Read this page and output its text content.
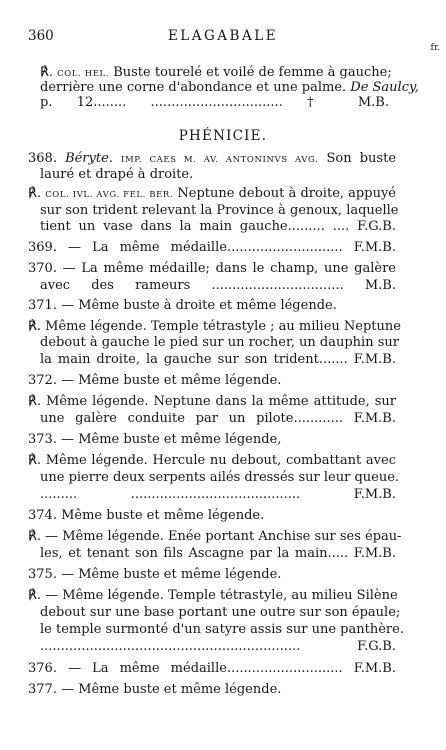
360	ELAGABALE
fr.
PHÉNICIE.
℟. COL. HEL. Buste tourelé et voilé de femme à gauche;
derrière une corne d'abondance et une palme. De Saulcy,
p. 12........ ................................ † M.B.
368. Béryte. IMP. CAES M. AV. ANTONINVS AVG. Son buste
lauré et drapé à droite.
℟. COL. IVL. AVG. FEL. BER. Neptune debout à droite, appuyé
sur son trident relevant la Province à genoux, laquelle
tient un vase dans la main gauche......... .... F.G.B.
369. — La même médaille............................ F.M.B.
370. — La même médaille; dans le champ, une galère
avec des rameurs ................................ M.B.
371. — Même buste à droite et même légende.
℟. Même légende. Temple tétrastyle ; au milieu Neptune
debout à gauche le pied sur un rocher, un dauphin sur
la main droite, la gauche sur son trident....... F.M.B.
372. — Même buste et même légende.
℟. Même légende. Neptune dans la même attitude, sur
une galère conduite par un pilote............ F.M.B.
373. — Même buste et même légende,
℟. Même légende. Hercule nu debout, combattant avec
une pierre deux serpents ailés dressés sur leur queue.
......... ......................................... F.M.B.
374. Même buste et même légende.
℟. — Même légende. Enée portant Anchise sur ses épau-
les, et tenant son fils Ascagne par la main..... F.M.B.
375. — Même buste et même légende.
℟. — Même légende. Temple tétrastyle, au milieu Silène
debout sur une base portant une outre sur son épaule;
le temple surmonté d'un satyre assis sur une panthère.
............................................................... F.G.B.
376. — La même médaille............................ F.M.B.
377. — Même buste et même légende.
